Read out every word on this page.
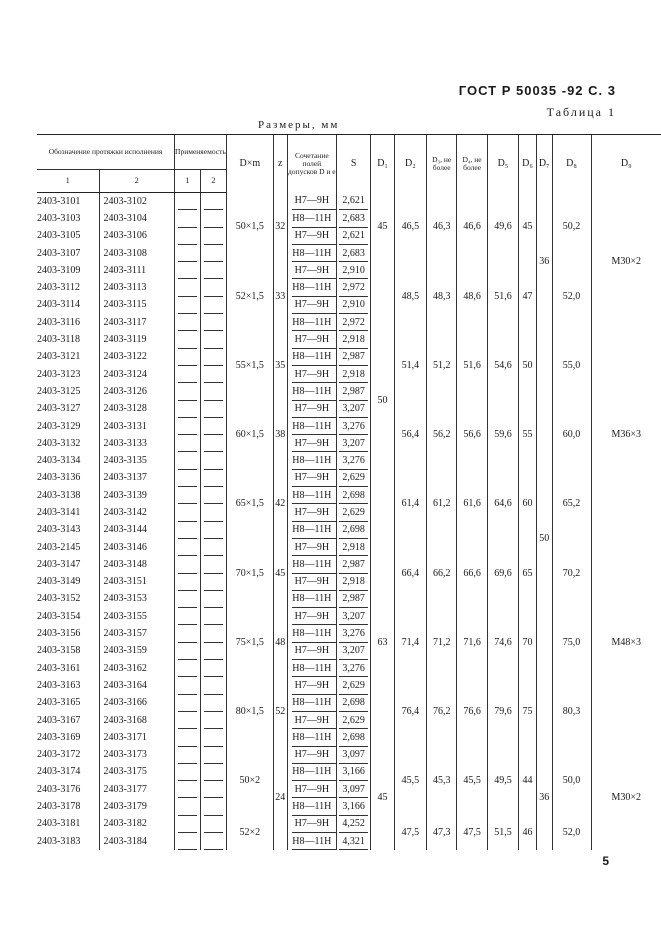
ГОСТ Р 50035 -92 С. 3
Таблица 1
Размеры, мм
Обозначение протяжки исполнения		Применяемость		D×m	z	Сочетание полей допусков D и е	S	D₁	D₂	D₃, не более	D₄, не более	D₅	D₆	D₇	D₈	D₉
1	2	1	2													
2403-3101	2403-3102			50×1,5	32	Н7—9Н	2,621	45	46,5	46,3	46,6	49,6	45	36	50,2	М30×2
2403-3103	2403-3104					Н8—11Н	2,683									
2403-3105	2403-3106					Н7—9Н	2,621									
2403-3107	2403-3108					Н8—11Н	2,683									
2403-3109	2403-3111			52×1,5	33	Н7—9Н	2,910	50	48,5	48,3	48,6	51,6	47		52,0	
2403-3112	2403-3113					Н8—11Н	2,972									
2403-3114	2403-3115					Н7—9Н	2,910									
2403-3116	2403-3117					Н8—11Н	2,972									
2403-3118	2403-3119			55×1,5	35	Н7—9Н	2,918		51,4	51,2	51,6	54,6	50	50	55,0	М36×3
2403-3121	2403-3122					Н8—11Н	2,987									
2403-3123	2403-3124					Н7—9Н	2,918									
2403-3125	2403-3126					Н8—11Н	2,987									
2403-3127	2403-3128			60×1,5	38	Н7—9Н	3,207		56,4	56,2	56,6	59,6	55		60,0	
2403-3129	2403-3131					Н8—11Н	3,276									
2403-3132	2403-3133					Н7—9Н	3,207									
2403-3134	2403-3135					Н8—11Н	3,276									
2403-3136	2403-3137			65×1,5	42	Н7—9Н	2,629		61,4	61,2	61,6	64,6	60		65,2	
2403-3138	2403-3139					Н8—11Н	2,698									
2403-3141	2403-3142					Н7—9Н	2,629									
2403-3143	2403-3144					Н8—11Н	2,698									
2403-2145	2403-3146			70×1,5	45	Н7—9Н	2,918	63	66,4	66,2	66,6	69,6	65		70,2	М48×3
2403-3147	2403-3148					Н8—11Н	2,987									
2403-3149	2403-3151					Н7—9Н	2,918									
2403-3152	2403-3153					Н8—11Н	2,987									
2403-3154	2403-3155			75×1,5	48	Н7—9Н	3,207		71,4	71,2	71,6	74,6	70		75,0	
2403-3156	2403-3157					Н8—11Н	3,276									
2403-3158	2403-3159					Н7—9Н	3,207									
2403-3161	2403-3162					Н8—11Н	3,276									
2403-3163	2403-3164			80×1,5	52	Н7—9Н	2,629		76,4	76,2	76,6	79,6	75		80,3	
2403-3165	2403-3166					Н8—11Н	2,698									
2403-3167	2403-3168					Н7—9Н	2,629									
2403-3169	2403-3171					Н8—11Н	2,698									
2403-3172	2403-3173			50×2	24	Н7—9Н	3,097	45	45,5	45,3	45,5	49,5	44	36	50,0	М30×2
2403-3174	2403-3175					Н8—11Н	3,166									
2403-3176	2403-3177					Н7—9Н	3,097									
2403-3178	2403-3179					Н8—11Н	3,166									
2403-3181	2403-3182			52×2		Н7—9Н	4,252		47,5	47,3	47,5	51,5	46		52,0	
2403-3183	2403-3184					Н8—11Н	4,321									
5
